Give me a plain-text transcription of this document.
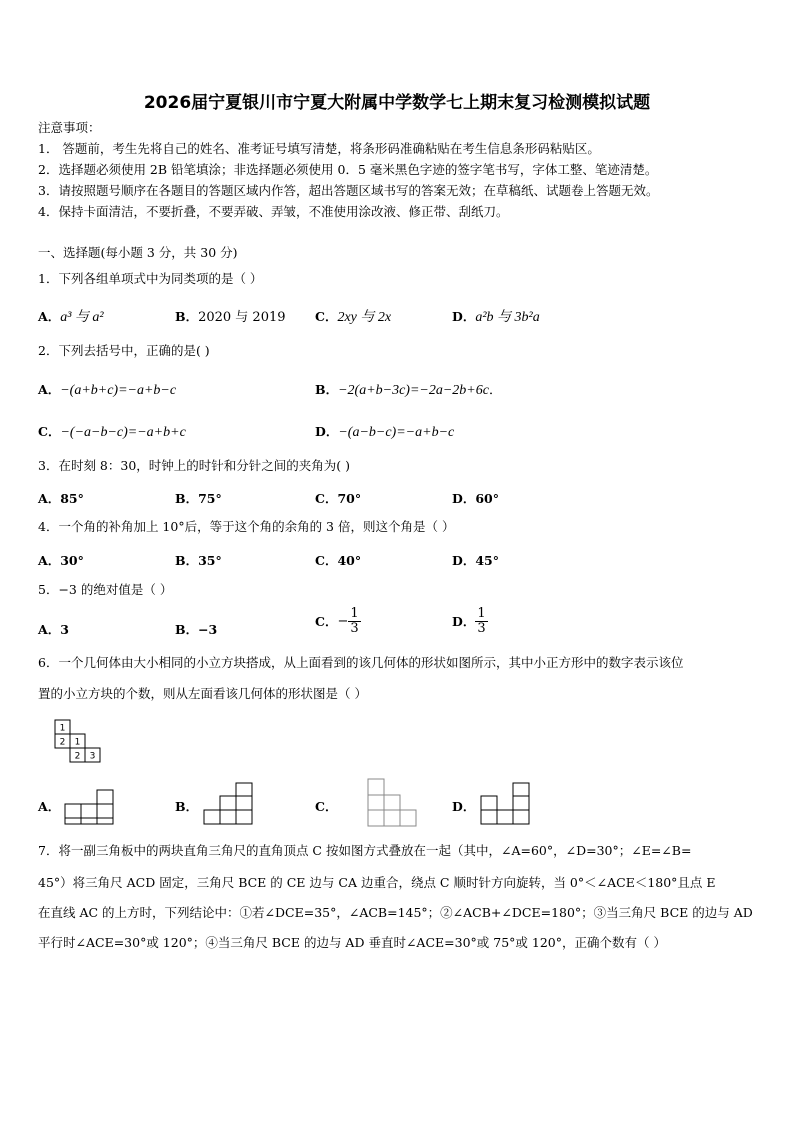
2026届宁夏银川市宁夏大附属中学数学七上期末复习检测模拟试题
注意事项：
1． 答题前，考生先将自己的姓名、准考证号填写清楚，将条形码准确粘贴在考生信息条形码粘贴区。
2．选择题必须使用 2B 铅笔填涂；非选择题必须使用 0．5 毫米黑色字迹的签字笔书写，字体工整、笔迹清楚。
3．请按照题号顺序在各题目的答题区域内作答，超出答题区域书写的答案无效；在草稿纸、试题卷上答题无效。
4．保持卡面清洁，不要折叠，不要弄破、弄皱，不准使用涂改液、修正带、刮纸刀。
一、选择题(每小题 3 分，共 30 分)
1．下列各组单项式中为同类项的是（ ）
A．a³ 与 a²	B．2020 与 2019 C．2xy 与 2x	D．a²b 与 3b²a
2．下列去括号中，正确的是( )
A．−(a+b+c)=−a+b−c	B．−2(a+b−3c)=−2a−2b+6c．
C．−(−a−b−c)=−a+b+c	D．−(a−b−c)=−a+b−c
3．在时刻 8：30，时钟上的时针和分针之间的夹角为( )
A．85°	B．75°	C．70°	D．60°
4．一个角的补角加上 10°后，等于这个角的余角的 3 倍，则这个角是（ ）
A．30°	B．35°	C．40°	D．45°
5．−3 的绝对值是（ ）
A．3	B．−3
C．− $\frac{1}{3}$	D． $\frac{1}{3}$
6．一个几何体由大小相同的小立方块搭成，从上面看到的该几何体的形状如图所示，其中小正方形中的数字表示该位
置的小立方块的个数，则从左面看该几何体的形状图是（ ）
1
2 1
2 3
A．	B．	C．	D．
7．将一副三角板中的两块直角三角尺的直角顶点 C 按如图方式叠放在一起（其中，∠A=60°，∠D=30°；∠E=∠B=
45°）将三角尺 ACD 固定，三角尺 BCE 的 CE 边与 CA 边重合，绕点 C 顺时针方向旋转，当 0°＜∠ACE＜180°且点 E
在直线 AC 的上方时，下列结论中：①若∠DCE=35°，∠ACB=145°；②∠ACB+∠DCE=180°；③当三角尺 BCE 的边与 AD
平行时∠ACE=30°或 120°；④当三角尺 BCE 的边与 AD 垂直时∠ACE=30°或 75°或 120°，正确个数有（ ）
